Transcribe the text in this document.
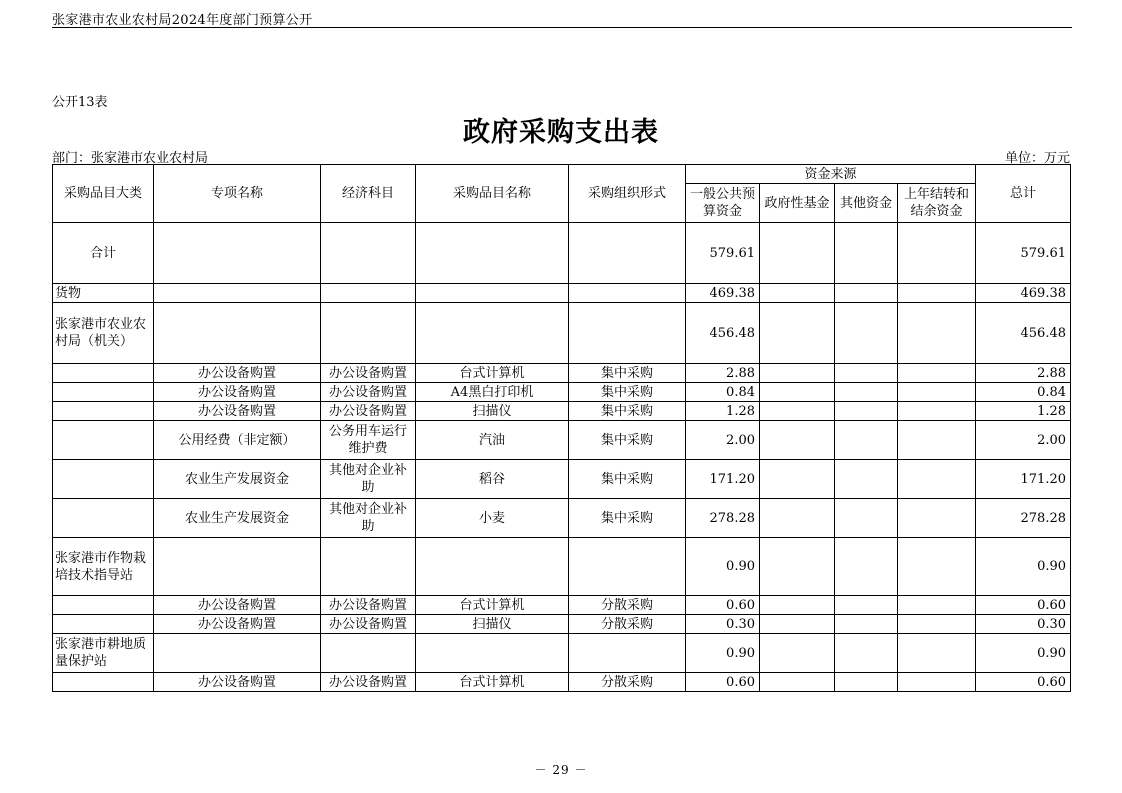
张家港市农业农村局2024年度部门预算公开
公开13表
政府采购支出表
部门：张家港市农业农村局	单位：万元
采购品目大类	专项名称	经济科目	采购品目名称	采购组织形式	资金来源				总计
					一般公共预算资金	政府性基金	其他资金	上年结转和结余资金	
合计					579.61				579.61
货物					469.38				469.38
张家港市农业农村局（机关）					456.48				456.48
	办公设备购置	办公设备购置	台式计算机	集中采购	2.88				2.88
	办公设备购置	办公设备购置	A4黑白打印机	集中采购	0.84				0.84
	办公设备购置	办公设备购置	扫描仪	集中采购	1.28				1.28
	公用经费（非定额）	公务用车运行维护费	汽油	集中采购	2.00				2.00
	农业生产发展资金	其他对企业补助	稻谷	集中采购	171.20				171.20
	农业生产发展资金	其他对企业补助	小麦	集中采购	278.28				278.28
张家港市作物栽培技术指导站					0.90				0.90
	办公设备购置	办公设备购置	台式计算机	分散采购	0.60				0.60
	办公设备购置	办公设备购置	扫描仪	分散采购	0.30				0.30
张家港市耕地质量保护站					0.90				0.90
	办公设备购置	办公设备购置	台式计算机	分散采购	0.60				0.60
－ 29 －
